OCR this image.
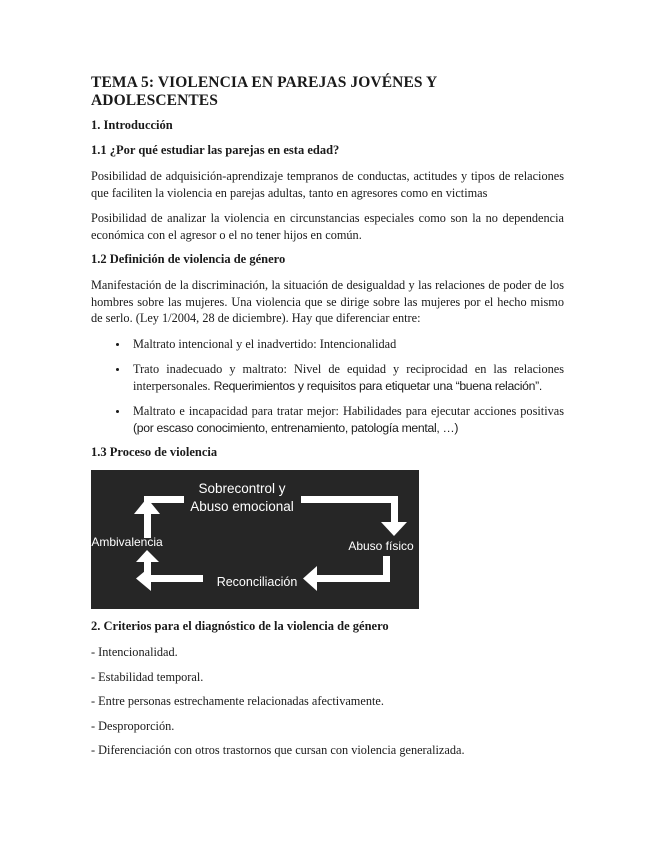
TEMA 5: VIOLENCIA EN PAREJAS JOVÉNES Y ADOLESCENTES
1. Introducción
1.1 ¿Por qué estudiar las parejas en esta edad?

Posibilidad de adquisición-aprendizaje tempranos de conductas, actitudes y tipos de relaciones que faciliten la violencia en parejas adultas, tanto en agresores como en victimas

Posibilidad de analizar la violencia en circunstancias especiales como son la no dependencia económica con el agresor o el no tener hijos en común.

1.2 Definición de violencia de género

Manifestación de la discriminación, la situación de desigualdad y las relaciones de poder de los hombres sobre las mujeres. Una violencia que se dirige sobre las mujeres por el hecho mismo de serlo. (Ley 1/2004, 28 de diciembre). Hay que diferenciar entre:

• Maltrato intencional y el inadvertido: Intencionalidad
• Trato inadecuado y maltrato: Nivel de equidad y reciprocidad en las relaciones interpersonales. Requerimientos y requisitos para etiquetar una “buena relación”.
• Maltrato e incapacidad para tratar mejor: Habilidades para ejecutar acciones positivas (por escaso conocimiento, entrenamiento, patología mental, …)
1.3 Proceso de violencia
Sobrecontrol y
Abuso emocional
Abuso físico
Reconciliación
Ambivalencia
2. Criterios para el diagnóstico de la violencia de género
- Intencionalidad.
- Estabilidad temporal.
- Entre personas estrechamente relacionadas afectivamente.
- Desproporción.
- Diferenciación con otros trastornos que cursan con violencia generalizada.
